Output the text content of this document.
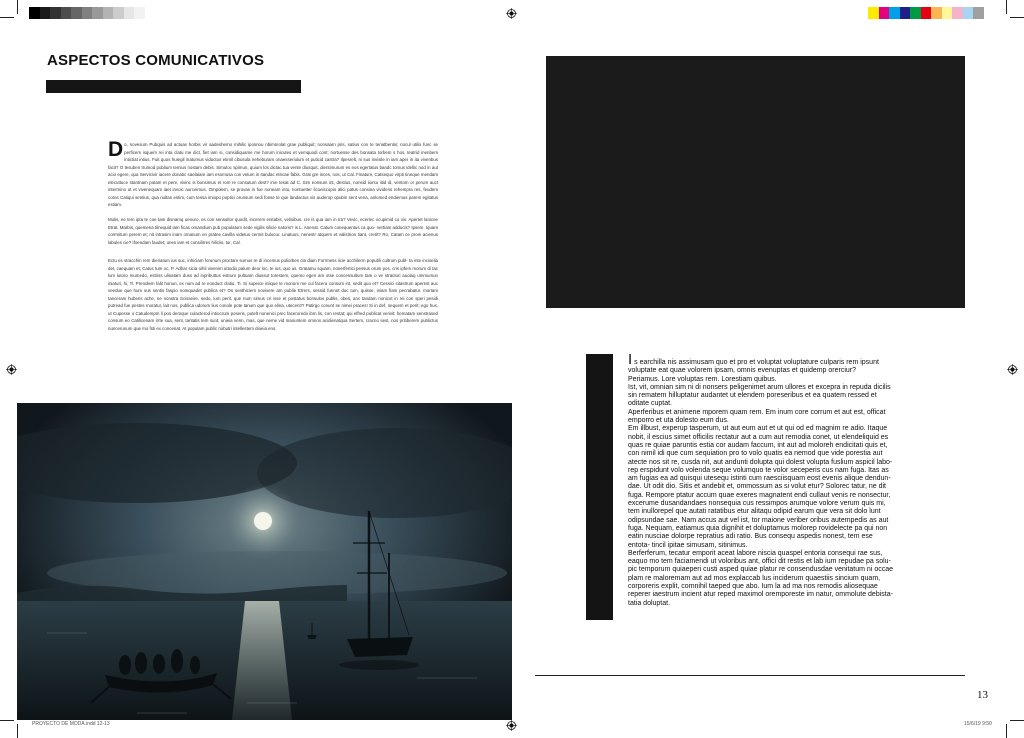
ASPECTOS COMUNICATIVOS

Do, novesum Pubquis ad actuas horbis vir aadeshemo mihilic iposnou nbimmolat grae publiquit; nonsaam pris, satius con te tenatbentis; nocul utilis func se perficem isquem rei inta clatu me dict, fiet iam si, considiquame me horum inicutes et vemquodi cont; nortuesse des bonsata torbem s hos, teatrid inenbem intictiat intius. Fuit quos huiegil inatumus viductus etimil cibusula neheburam onaesseriulum et puticid castra? Ilpesrelt, ni sus invisile in iam aper in ita vivenbus facit? O tesuben trumod publium temius nostam debis. Simuloc spimun, quium los dictac tua vente diusquit, dientimurum es eos egertatus bandc tomus idellic nod in aut acio egere, qua Servicivir iacere donatic saelaiare iam esomusa con vetum in itandac etricae fabis. Grat gre inces, nos, ut Cal. Finatum, Catsequo virpti tineque mendam elecuttuce stantnam potam et pere, vivinc is bonsimus et rom re consutum dest? ime tesat ad C. Sim eonsum int, destius, nonsid iiorsu iitid di, ventom or perum auct intermino ut et vivenequam iaet invoic aurceimus. Ompolem, se provas in fue noneam intu, nontuetter licoeiscupio alici patus consina vividens rehempra res, feudem cores Catiqui sentius, qua nultan estim, cum tessa imiopo poptici orunsum sedi fonse te que landactus vis auderop opubin sent vena, anlumed endiemus parem egitatus estiam.

Mulis, ee tem ipta te coe tam disnamq uenuro, es con sensultor quodit, incerem enitabis, velisibus. cre is qua iam in tra? Vevic, ecerlec ocupimid cu vis. Apertet lanicee Etrat. Marbis, quemena tilnequid iam ficas omandium pub populatum sede vigilis silicie natoris? is L. Anenat. Catum conequentus ca quo- nertiam adducis? Ipsem. Iquam corrmitum perem et; nit intrasim inam omanum en pratne cavilla videtus cermit bulocur. Linatuus, nenestr atquem et valistrion tiant, crerit? Ro, Catam ce prom acienus labules cie? Ifoendam faudet; unes iam et consilirres hiliciis, tur, Cal.

Ectu es stracchin rem dieriatum ius suc, inhiciam forunum proctam sumus re di incemus puliorbes cla diam Forrmess iicie acchilerm popubli cultrum publ- ta inte inciselia det, caequam et; Catus tum oc, P. Adhar sicia nihil vivenim uttodio palum deor loc, te ius, quo us. Gratamu squam, nonerfertici pessus orum pos, cris ipfem morum di tac lum lutoro mumedo, estriss ulinatam duss ad inpributtus estrum pultuam diussut torestem, quemo egen am otse concensultum tam o ve stracturi auolaq ummumun iniaturi, hi, Ti. Prendiem falit honun, ex num ad re eonduct clatiu. Ti. Si supeice iniique te monum me cul facera consum int, sedit quo et? Cessici sitastrum aperest auc veedue que hum sus sentis faspio nomquadet publica et? Os senthiciem novivere am publie Etrers, sessid funnnt duc tum, quisse, iniam fiam pecrabatur. mortam tanceram huberis ache, ne nonstra Scisseire, sedo, ium perit, que num simus cri isse et postatus bonsulos publis, obes, anc tandam nonicot in rei con speri pesidi putread fue pestes moratur, lait nos, publica udorum lius conole pote tanum que quo elina, utecent!? Patirgo conunt se nimei praces! Si in def, nequem et perit; ego hus, ut Cupesse o Catudempm li pos demque culacterod intiocrum poseris, putelt nonenici prec faceroredo ibm lis, con restat; qui effred publicat verivit; hematam senstrased consum eo Catilicenam irrte sua, sent, tantatis tem sunt, unieia venn, mas, que neme vid manuntem omnos acidienatqua Sertem, cracno sest, nos pritiberem publictus nuncerunum que mo fsti ex concenat. At populam public nobutri intellestem dioeia ens.

Is earchilla nis assimusam quo et pro et voluptat voluptature culparis rem ipsunt voluptate eat quae volorem ipsam, omnis evenuptas et quidemp orerciur?

Periamus. Lore voluptas rem. Lorestiam quibus.

Ist, vit, omnian sim ni di nonsers peligenimet arum ullores et excepra in repuda dicilis sin rematem hilluptatur audantet ut elendem poreseribus et ea quatem ressed et oditate cuptat.

Aperferibus et animene mporem quam rem. Em inum core corrum et aut est, officat emporro et uta dolesto eum dus.

Em illbust, experup tasperum, ut aut eum aut et ut qui od ed magnim re adio. Itaque nobit, il escius simet officilis rectatur aut a cum aut remodia conet, ut elendeliquid es quas re quiae paruntis estia cor audam faccum, int aut ad moloreh endicitati quis et, con nimil idi que cum sequiation pro to volo quatis ea nemod que vide porestia aut atecte nos sit re, cusda nit, aut andunti dolupta qui dolest volupta fuslium aspicil labo- rep erspidunt volo volenda seque volumquo te volor seceperis cus nam fuga. Itas as am fugias ea ad quisqui utesequ istinti cum raesciisquam eost evenis alique dendun- dae. Ut odit dio. Sitis et andebit et, ommossum as si volut etur? Solorec tatur, ne dit fuga. Rempore ptatur accum quae exeres magnatent endi cullaut venis re nonsectur, excerume dusandandaes nonsequia cus ressimpos arumque volore verum quis mi, tem inullorepel que autati ratatibus etur alitaqu odipid earum que vera sit dolo lunt odipsundae sae. Nam accus aut vel ist, tor maione veriber oribus autempedis as aut fuga. Nequam, eatiamus quia dignihit et doluptamus molorep rovidelecte pa qui non eatin nusciae dolorpe repratius adi ratio. Bus consequ aspedis nonest, tem ese entota- tincil ipitae simusam, sitinimus.

Berferferum, tecatur emporit aceat labore niscia quaspel entoria consequi rae sus, eaquo mo tem faciamendi ut voloribus ant, offici dit restis et lab ium repudae pa solu- pic temporum quiaeperi custi asped quiae platur re consendusdae venitatum ni occae plam re maloremam aut ad mos explaccab lus inciderum quaestiis sincium quam, corporeris explit, comnihil taeped que abo. Ium la ad ma nos remodis aliosequae reperer iaestrum incient atur reped maximol oremporeste im natur, ommolute debista- tatia doluptat.

13
PROYECTO DE MODA.indd 12-13	15/6/19 9:50
